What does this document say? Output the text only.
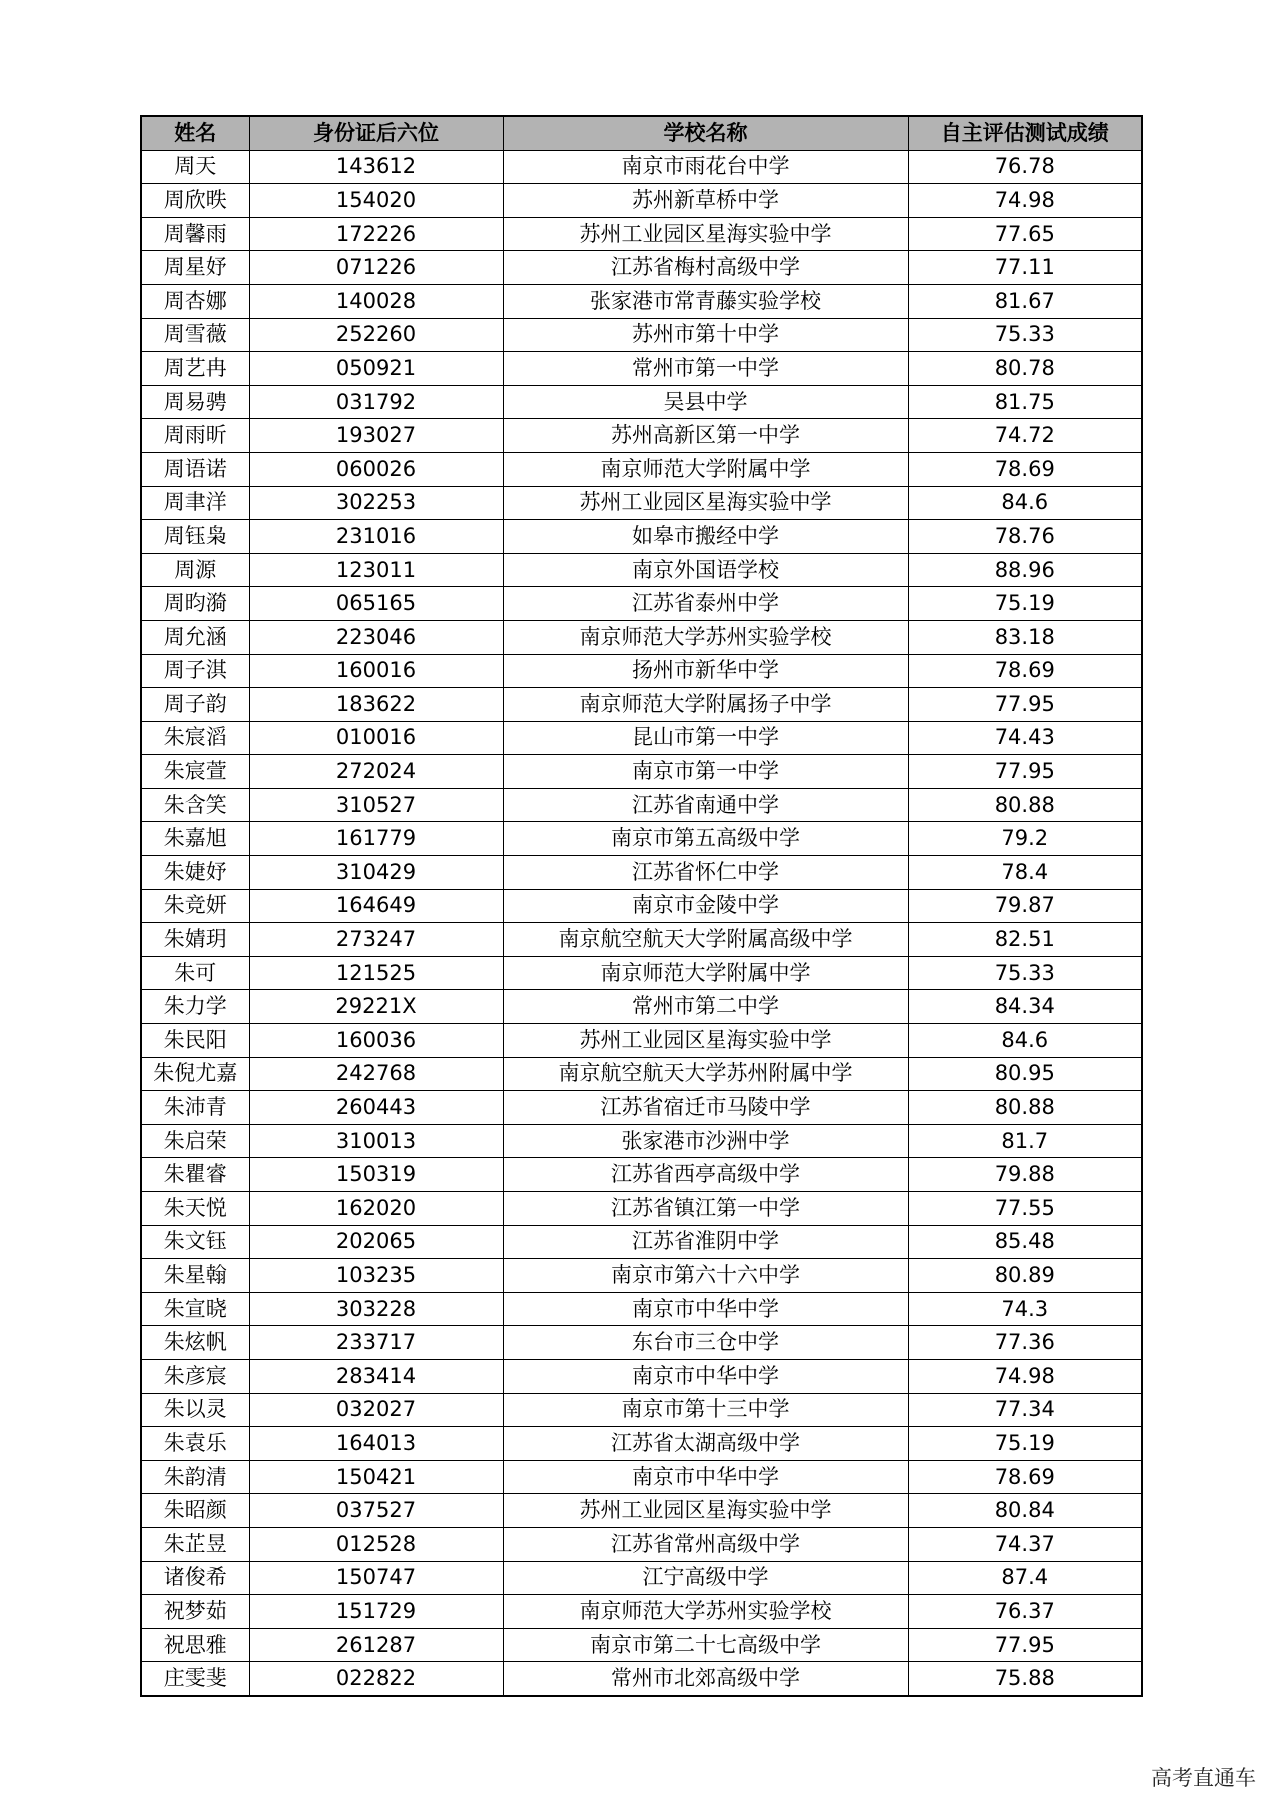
姓名	身份证后六位	学校名称	自主评估测试成绩
周天	143612	南京市雨花台中学	76.78
周欣昳	154020	苏州新草桥中学	74.98
周馨雨	172226	苏州工业园区星海实验中学	77.65
周星妤	071226	江苏省梅村高级中学	77.11
周杏娜	140028	张家港市常青藤实验学校	81.67
周雪薇	252260	苏州市第十中学	75.33
周艺冉	050921	常州市第一中学	80.78
周易骋	031792	吴县中学	81.75
周雨昕	193027	苏州高新区第一中学	74.72
周语诺	060026	南京师范大学附属中学	78.69
周聿洋	302253	苏州工业园区星海实验中学	84.6
周钰枭	231016	如皋市搬经中学	78.76
周源	123011	南京外国语学校	88.96
周昀漪	065165	江苏省泰州中学	75.19
周允涵	223046	南京师范大学苏州实验学校	83.18
周子淇	160016	扬州市新华中学	78.69
周子韵	183622	南京师范大学附属扬子中学	77.95
朱宸滔	010016	昆山市第一中学	74.43
朱宸萱	272024	南京市第一中学	77.95
朱含笑	310527	江苏省南通中学	80.88
朱嘉旭	161779	南京市第五高级中学	79.2
朱婕妤	310429	江苏省怀仁中学	78.4
朱竞妍	164649	南京市金陵中学	79.87
朱婧玥	273247	南京航空航天大学附属高级中学	82.51
朱可	121525	南京师范大学附属中学	75.33
朱力学	29221X	常州市第二中学	84.34
朱民阳	160036	苏州工业园区星海实验中学	84.6
朱倪尤嘉	242768	南京航空航天大学苏州附属中学	80.95
朱沛青	260443	江苏省宿迁市马陵中学	80.88
朱启荣	310013	张家港市沙洲中学	81.7
朱瞿睿	150319	江苏省西亭高级中学	79.88
朱天悦	162020	江苏省镇江第一中学	77.55
朱文钰	202065	江苏省淮阴中学	85.48
朱星翰	103235	南京市第六十六中学	80.89
朱宣晓	303228	南京市中华中学	74.3
朱炫帆	233717	东台市三仓中学	77.36
朱彦宸	283414	南京市中华中学	74.98
朱以灵	032027	南京市第十三中学	77.34
朱袁乐	164013	江苏省太湖高级中学	75.19
朱韵清	150421	南京市中华中学	78.69
朱昭颜	037527	苏州工业园区星海实验中学	80.84
朱芷昱	012528	江苏省常州高级中学	74.37
诸俊希	150747	江宁高级中学	87.4
祝梦茹	151729	南京师范大学苏州实验学校	76.37
祝思雅	261287	南京市第二十七高级中学	77.95
庄雯斐	022822	常州市北郊高级中学	75.88
高考直通车
